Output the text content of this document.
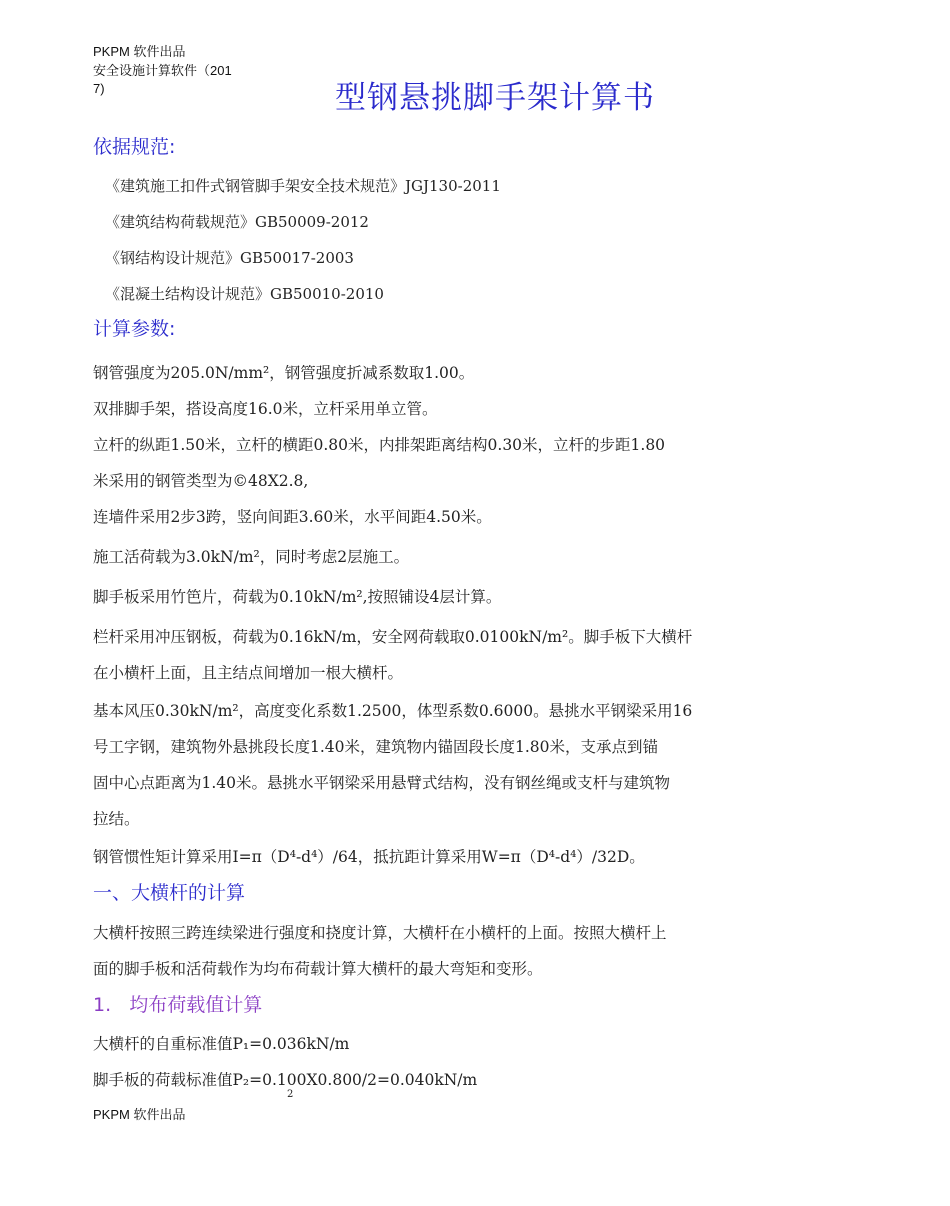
PKPM 软件出品
安全设施计算软件（201
7)	型钢悬挑脚手架计算书
依据规范:
《建筑施工扣件式钢管脚手架安全技术规范》JGJ130-2011
《建筑结构荷载规范》GB50009-2012
《钢结构设计规范》GB50017-2003
《混凝土结构设计规范》GB50010-2010
计算参数:
钢管强度为205.0N/mm²，钢管强度折减系数取1.00。
双排脚手架，搭设高度16.0米，立杆采用单立管。
立杆的纵距1.50米，立杆的横距0.80米，内排架距离结构0.30米，立杆的步距1.80
米采用的钢管类型为©48X2.8,
连墙件采用2步3跨，竖向间距3.60米，水平间距4.50米。
施工活荷载为3.0kN/m²，同时考虑2层施工。
脚手板采用竹笆片，荷载为0.10kN/m²,按照铺设4层计算。
栏杆采用冲压钢板，荷载为0.16kN/m，安全网荷载取0.0100kN/m²。脚手板下大横杆
在小横杆上面，且主结点间增加一根大横杆。
基本风压0.30kN/m²，高度变化系数1.2500，体型系数0.6000。悬挑水平钢梁采用16
号工字钢，建筑物外悬挑段长度1.40米，建筑物内锚固段长度1.80米，支承点到锚
固中心点距离为1.40米。悬挑水平钢梁采用悬臂式结构，没有钢丝绳或支杆与建筑物
拉结。
钢管惯性矩计算采用I=π（D⁴-d⁴）/64，抵抗距计算采用W=π（D⁴-d⁴）/32D。
一、大横杆的计算
大横杆按照三跨连续梁进行强度和挠度计算，大横杆在小横杆的上面。按照大横杆上
面的脚手板和活荷载作为均布荷载计算大横杆的最大弯矩和变形。
1.   均布荷载值计算
大横杆的自重标准值P₁=0.036kN/m
脚手板的荷载标准值P₂=0.100X0.800/2=0.040kN/m
2
PKPM 软件出品
